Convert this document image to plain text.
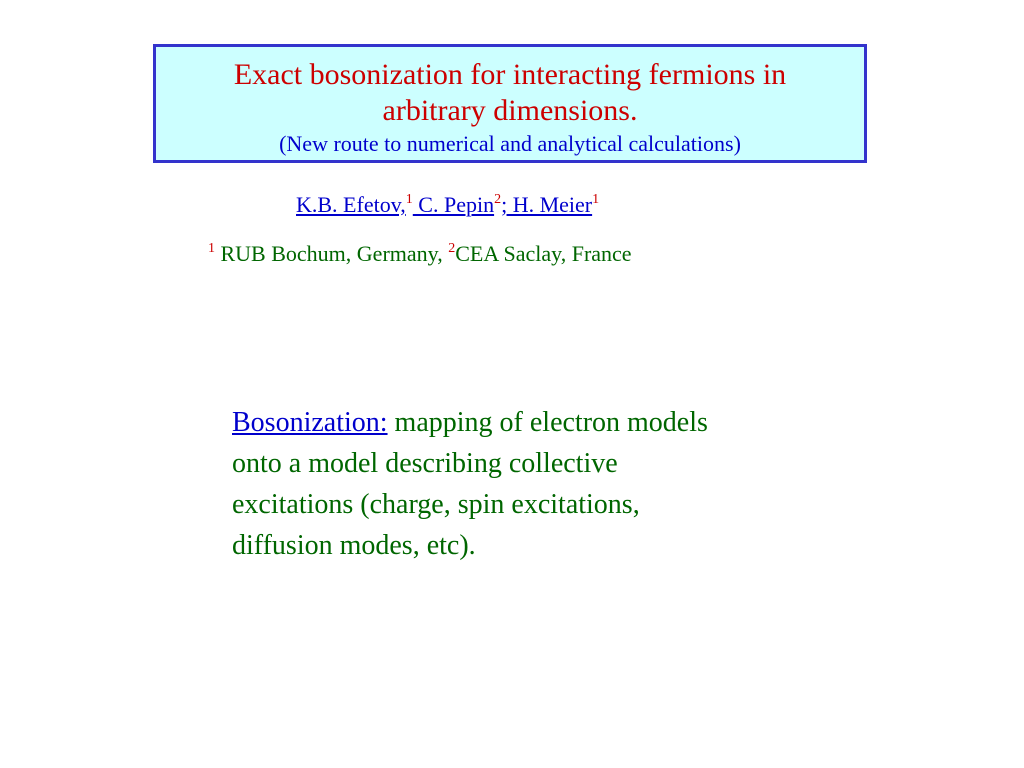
Exact bosonization for interacting fermions in
arbitrary dimensions.
(New route to numerical and analytical calculations)
K.B. Efetov,$^1$ C. Pepin$^2$; H. Meier$^1$
$^1$ RUB Bochum, Germany, $^2$CEA Saclay, France
Bosonization: mapping of electron models
onto a model describing collective
excitations (charge, spin excitations,
diffusion modes, etc).
